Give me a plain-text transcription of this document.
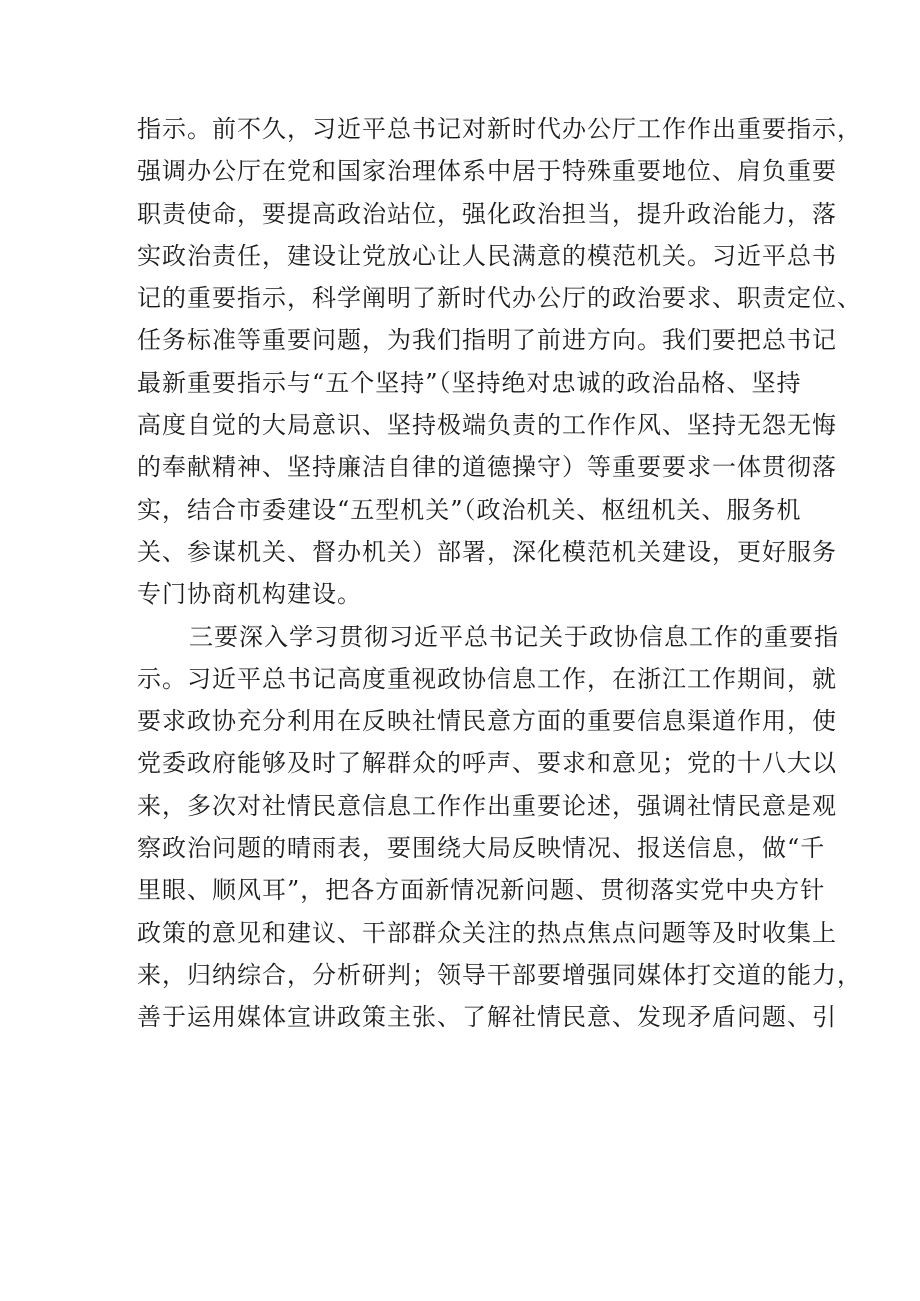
指示。前不久，习近平总书记对新时代办公厅工作作出重要指示，
强调办公厅在党和国家治理体系中居于特殊重要地位、肩负重要
职责使命，要提高政治站位，强化政治担当，提升政治能力，落
实政治责任，建设让党放心让人民满意的模范机关。习近平总书
记的重要指示，科学阐明了新时代办公厅的政治要求、职责定位、
任务标准等重要问题，为我们指明了前进方向。我们要把总书记
最新重要指示与“五个坚持”（坚持绝对忠诚的政治品格、坚持
高度自觉的大局意识、坚持极端负责的工作作风、坚持无怨无悔
的奉献精神、坚持廉洁自律的道德操守）等重要要求一体贯彻落
实，结合市委建设“五型机关”（政治机关、枢纽机关、服务机
关、参谋机关、督办机关）部署，深化模范机关建设，更好服务
专门协商机构建设。
三要深入学习贯彻习近平总书记关于政协信息工作的重要指
示。习近平总书记高度重视政协信息工作，在浙江工作期间，就
要求政协充分利用在反映社情民意方面的重要信息渠道作用，使
党委政府能够及时了解群众的呼声、要求和意见；党的十八大以
来，多次对社情民意信息工作作出重要论述，强调社情民意是观
察政治问题的晴雨表，要围绕大局反映情况、报送信息，做“千
里眼、顺风耳”，把各方面新情况新问题、贯彻落实党中央方针
政策的意见和建议、干部群众关注的热点焦点问题等及时收集上
来，归纳综合，分析研判；领导干部要增强同媒体打交道的能力，
善于运用媒体宣讲政策主张、了解社情民意、发现矛盾问题、引
